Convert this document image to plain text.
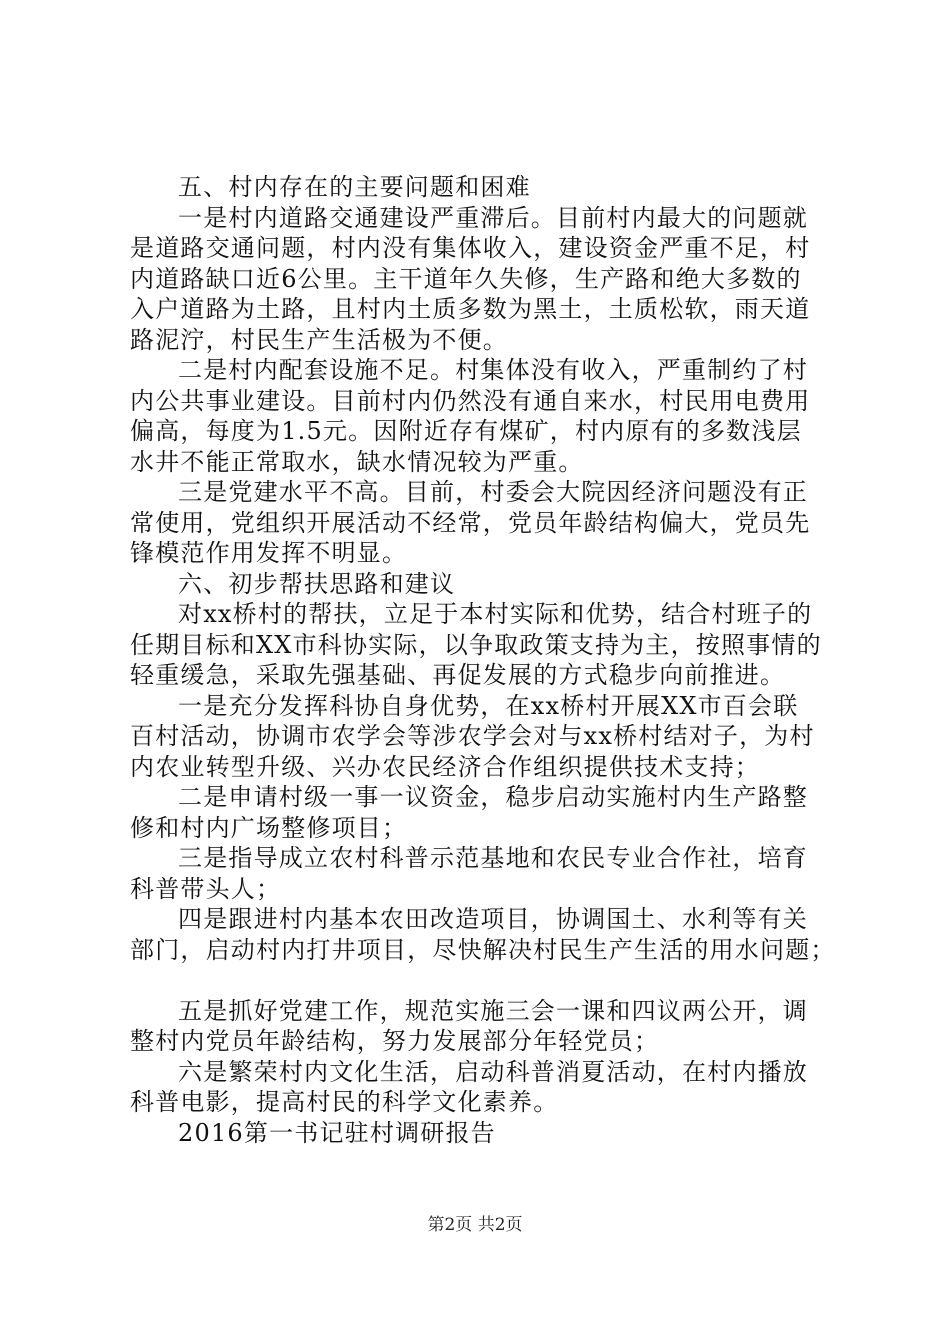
五、村内存在的主要问题和困难
一是村内道路交通建设严重滞后。目前村内最大的问题就
是道路交通问题，村内没有集体收入，建设资金严重不足，村
内道路缺口近6公里。主干道年久失修，生产路和绝大多数的
入户道路为土路，且村内土质多数为黑土，土质松软，雨天道
路泥泞，村民生产生活极为不便。
二是村内配套设施不足。村集体没有收入，严重制约了村
内公共事业建设。目前村内仍然没有通自来水，村民用电费用
偏高，每度为1.5元。因附近存有煤矿，村内原有的多数浅层
水井不能正常取水，缺水情况较为严重。
三是党建水平不高。目前，村委会大院因经济问题没有正
常使用，党组织开展活动不经常，党员年龄结构偏大，党员先
锋模范作用发挥不明显。
六、初步帮扶思路和建议
对xx桥村的帮扶，立足于本村实际和优势，结合村班子的
任期目标和XX市科协实际，以争取政策支持为主，按照事情的
轻重缓急，采取先强基础、再促发展的方式稳步向前推进。
一是充分发挥科协自身优势，在xx桥村开展XX市百会联
百村活动，协调市农学会等涉农学会对与xx桥村结对子，为村
内农业转型升级、兴办农民经济合作组织提供技术支持；
二是申请村级一事一议资金，稳步启动实施村内生产路整
修和村内广场整修项目；
三是指导成立农村科普示范基地和农民专业合作社，培育
科普带头人；
四是跟进村内基本农田改造项目，协调国土、水利等有关
部门，启动村内打井项目，尽快解决村民生产生活的用水问题；
五是抓好党建工作，规范实施三会一课和四议两公开，调
整村内党员年龄结构，努力发展部分年轻党员；
六是繁荣村内文化生活，启动科普消夏活动，在村内播放
科普电影，提高村民的科学文化素养。
2016第一书记驻村调研报告
第2页 共2页
